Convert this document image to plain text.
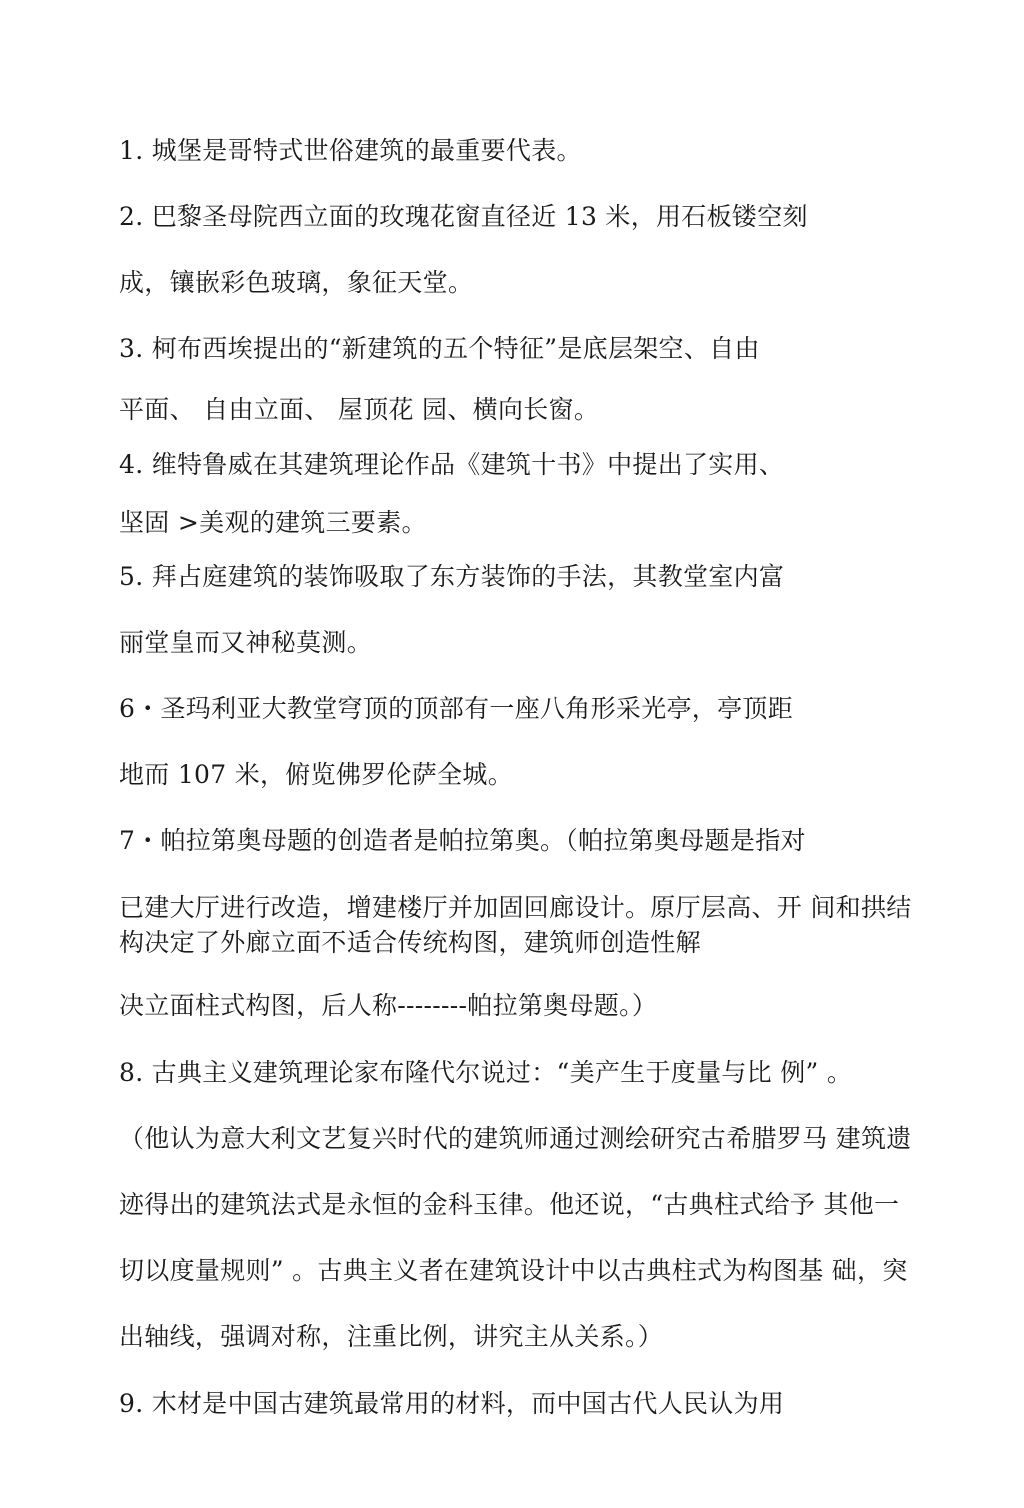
1. 城堡是哥特式世俗建筑的最重要代表。

2. 巴黎圣母院西立面的玫瑰花窗直径近 13 米，用石板镂空刻

成，镶嵌彩色玻璃，象征天堂。

3. 柯布西埃提出的“新建筑的五个特征”是底层架空、自由

平面、 自由立面、 屋顶花 园、横向长窗。

4. 维特鲁威在其建筑理论作品《建筑十书》中提出了实用、

坚固 >美观的建筑三要素。

5. 拜占庭建筑的装饰吸取了东方装饰的手法，其教堂室内富

丽堂皇而又神秘莫测。

6・圣玛利亚大教堂穹顶的顶部有一座八角形采光亭，亭顶距

地而 107 米，俯览佛罗伦萨全城。

7・帕拉第奥母题的创造者是帕拉第奥。（帕拉第奥母题是指对

已建大厅进行改造，增建楼厅并加固回廊设计。原厅层高、开 间和拱结

构决定了外廊立面不适合传统构图，建筑师创造性解

决立面柱式构图，后人称--------帕拉第奥母题。）

8. 古典主义建筑理论家布隆代尔说过：“美产生于度量与比 例” 。

（他认为意大利文艺复兴时代的建筑师通过测绘研究古希腊罗马 建筑遗

迹得出的建筑法式是永恒的金科玉律。他还说，“古典柱式给予 其他一

切以度量规则” 。古典主义者在建筑设计中以古典柱式为构图基 础，突

出轴线，强调对称，注重比例，讲究主从关系。）

9. 木材是中国古建筑最常用的材料，而中国古代人民认为用
